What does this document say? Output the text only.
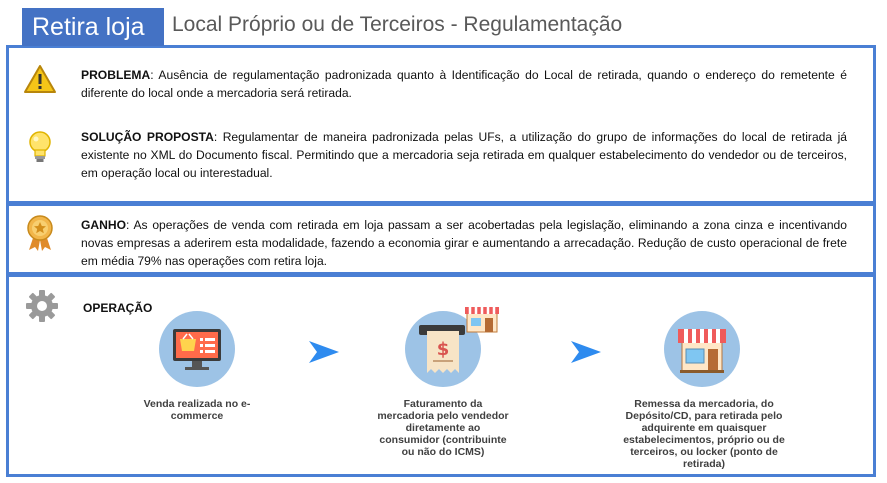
Retira loja	Local Próprio ou de Terceiros - Regulamentação
PROBLEMA: Ausência de regulamentação padronizada quanto à Identificação do Local de retirada, quando o endereço do remetente é diferente do local onde a mercadoria será retirada.
SOLUÇÃO PROPOSTA: Regulamentar de maneira padronizada pelas UFs, a utilização do grupo de informações do local de retirada já existente no XML do Documento fiscal. Permitindo que a mercadoria seja retirada em qualquer estabelecimento do vendedor ou de terceiros, em operação local ou interestadual.
GANHO: As operações de venda com retirada em loja passam a ser acobertadas pela legislação, eliminando a zona cinza e incentivando novas empresas a aderirem esta modalidade, fazendo a economia girar e aumentando a arrecadação. Redução de custo operacional de frete em média 79% nas operações com retira loja.
OPERAÇÃO
Venda realizada no e-commerce
$
Faturamento da mercadoria pelo vendedor diretamente ao consumidor (contribuinte ou não do ICMS)
Remessa da mercadoria, do Depósito/CD, para retirada pelo adquirente em quaisquer estabelecimentos, próprio ou de terceiros, ou locker (ponto de retirada)
